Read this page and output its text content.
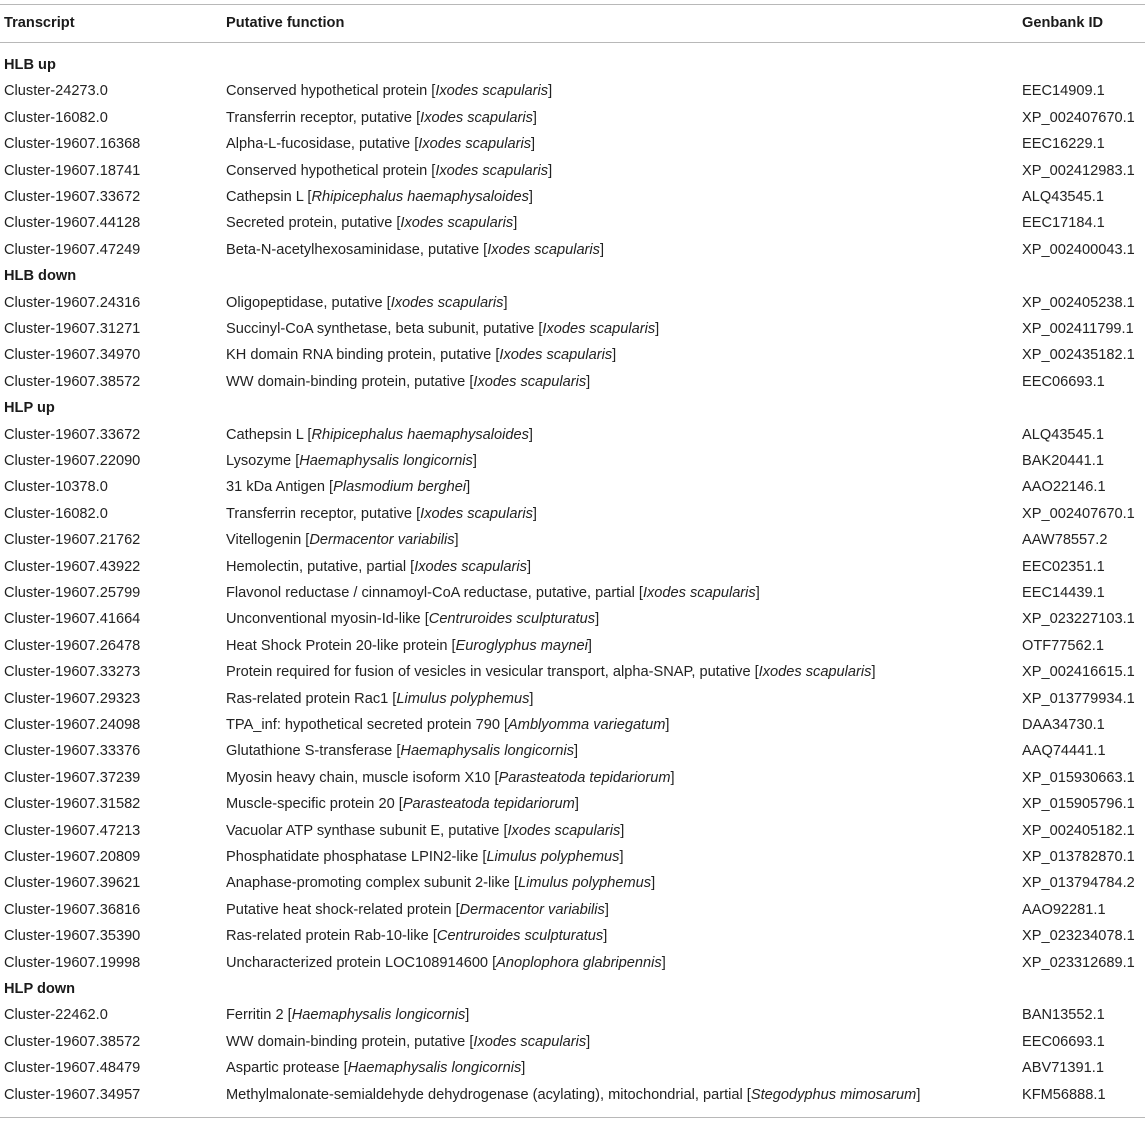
Transcript	Putative function	Genbank ID
HLB up
Cluster-24273.0	Conserved hypothetical protein [Ixodes scapularis]	EEC14909.1
Cluster-16082.0	Transferrin receptor, putative [Ixodes scapularis]	XP_002407670.1
Cluster-19607.16368	Alpha-L-fucosidase, putative [Ixodes scapularis]	EEC16229.1
Cluster-19607.18741	Conserved hypothetical protein [Ixodes scapularis]	XP_002412983.1
Cluster-19607.33672	Cathepsin L [Rhipicephalus haemaphysaloides]	ALQ43545.1
Cluster-19607.44128	Secreted protein, putative [Ixodes scapularis]	EEC17184.1
Cluster-19607.47249	Beta-N-acetylhexosaminidase, putative [Ixodes scapularis]	XP_002400043.1
HLB down
Cluster-19607.24316	Oligopeptidase, putative [Ixodes scapularis]	XP_002405238.1
Cluster-19607.31271	Succinyl-CoA synthetase, beta subunit, putative [Ixodes scapularis]	XP_002411799.1
Cluster-19607.34970	KH domain RNA binding protein, putative [Ixodes scapularis]	XP_002435182.1
Cluster-19607.38572	WW domain-binding protein, putative [Ixodes scapularis]	EEC06693.1
HLP up
Cluster-19607.33672	Cathepsin L [Rhipicephalus haemaphysaloides]	ALQ43545.1
Cluster-19607.22090	Lysozyme [Haemaphysalis longicornis]	BAK20441.1
Cluster-10378.0	31 kDa Antigen [Plasmodium berghei]	AAO22146.1
Cluster-16082.0	Transferrin receptor, putative [Ixodes scapularis]	XP_002407670.1
Cluster-19607.21762	Vitellogenin [Dermacentor variabilis]	AAW78557.2
Cluster-19607.43922	Hemolectin, putative, partial [Ixodes scapularis]	EEC02351.1
Cluster-19607.25799	Flavonol reductase / cinnamoyl-CoA reductase, putative, partial [Ixodes scapularis]	EEC14439.1
Cluster-19607.41664	Unconventional myosin-Id-like [Centruroides sculpturatus]	XP_023227103.1
Cluster-19607.26478	Heat Shock Protein 20-like protein [Euroglyphus maynei]	OTF77562.1
Cluster-19607.33273	Protein required for fusion of vesicles in vesicular transport, alpha-SNAP, putative [Ixodes scapularis]	XP_002416615.1
Cluster-19607.29323	Ras-related protein Rac1 [Limulus polyphemus]	XP_013779934.1
Cluster-19607.24098	TPA_inf: hypothetical secreted protein 790 [Amblyomma variegatum]	DAA34730.1
Cluster-19607.33376	Glutathione S-transferase [Haemaphysalis longicornis]	AAQ74441.1
Cluster-19607.37239	Myosin heavy chain, muscle isoform X10 [Parasteatoda tepidariorum]	XP_015930663.1
Cluster-19607.31582	Muscle-specific protein 20 [Parasteatoda tepidariorum]	XP_015905796.1
Cluster-19607.47213	Vacuolar ATP synthase subunit E, putative [Ixodes scapularis]	XP_002405182.1
Cluster-19607.20809	Phosphatidate phosphatase LPIN2-like [Limulus polyphemus]	XP_013782870.1
Cluster-19607.39621	Anaphase-promoting complex subunit 2-like [Limulus polyphemus]	XP_013794784.2
Cluster-19607.36816	Putative heat shock-related protein [Dermacentor variabilis]	AAO92281.1
Cluster-19607.35390	Ras-related protein Rab-10-like [Centruroides sculpturatus]	XP_023234078.1
Cluster-19607.19998	Uncharacterized protein LOC108914600 [Anoplophora glabripennis]	XP_023312689.1
HLP down
Cluster-22462.0	Ferritin 2 [Haemaphysalis longicornis]	BAN13552.1
Cluster-19607.38572	WW domain-binding protein, putative [Ixodes scapularis]	EEC06693.1
Cluster-19607.48479	Aspartic protease [Haemaphysalis longicornis]	ABV71391.1
Cluster-19607.34957	Methylmalonate-semialdehyde dehydrogenase (acylating), mitochondrial, partial [Stegodyphus mimosarum]	KFM56888.1
